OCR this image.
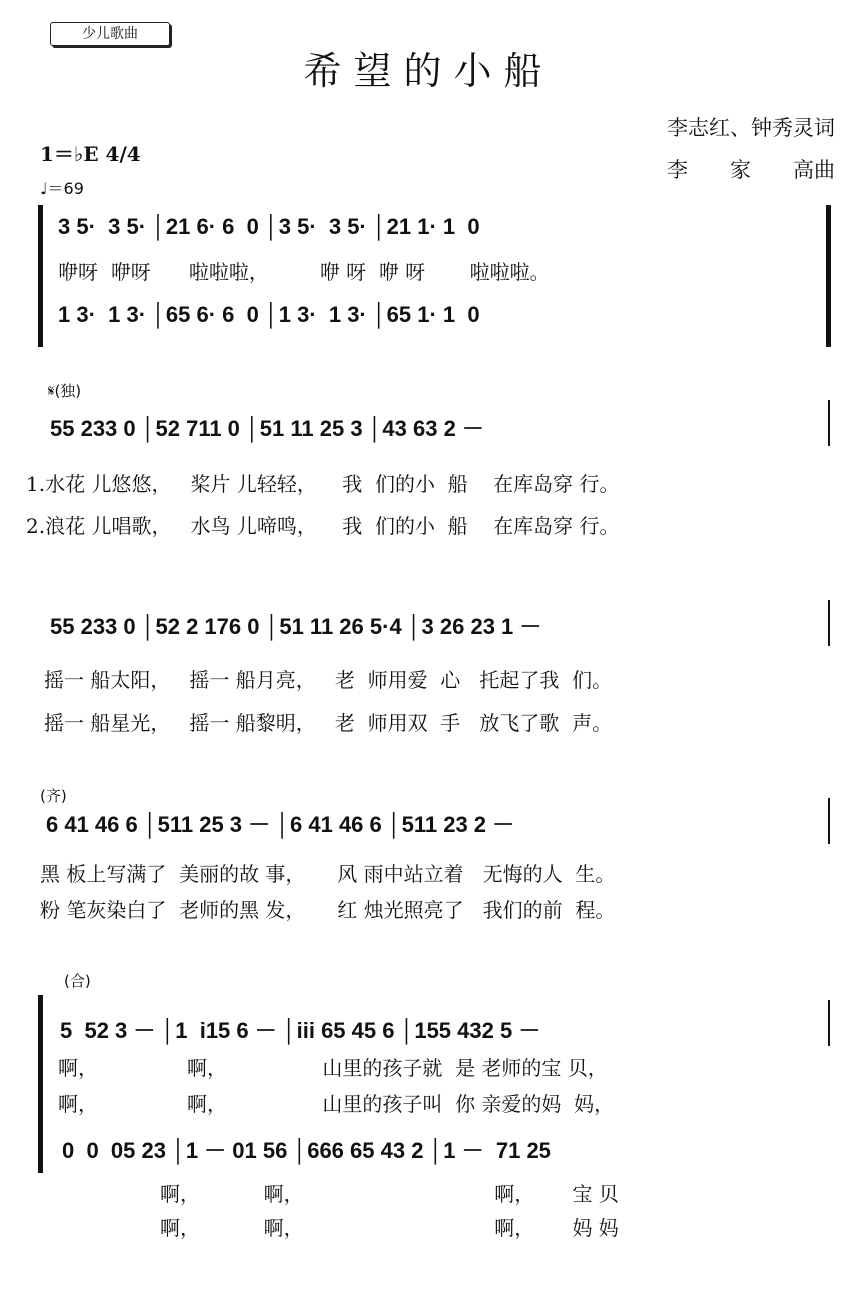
少儿歌曲
希望的小船
李志红、钟秀灵词
李　　家　　高曲
1＝♭E 4/4
♩＝69
3 5·  3 5· │21 6· 6  0 │3 5·  3 5· │21 1· 1  0
咿呀  咿呀      啦啦啦，        咿 呀  咿 呀       啦啦啦。
1 3·  1 3· │65 6· 6  0 │1 3·  1 3· │65 1· 1  0
𝄋(独)
55 233 0 │52 711 0 │51 11 25 3 │43 63 2 －
1.水花 儿悠悠，   桨片 儿轻轻，    我  们的小  船    在库岛穿 行。
2.浪花 儿唱歌，   水鸟 儿啼鸣，    我  们的小  船    在库岛穿 行。
55 233 0 │52 2 176 0 │51 11 26 5·4 │3 26 23 1 －
摇一 船太阳，   摇一 船月亮，   老  师用爱  心   托起了我  们。
摇一 船星光，   摇一 船黎明，   老  师用双  手   放飞了歌  声。
(齐)
6 41 46 6 │511 25 3 － │6 41 46 6 │511 23 2 －
黑 板上写满了  美丽的故 事，     风 雨中站立着   无悔的人  生。
粉 笔灰染白了  老师的黑 发，     红 烛光照亮了   我们的前  程。
(合)
5  52 3 － │1  i15 6 － │iii 65 45 6 │155 432 5 －
啊，              啊，               山里的孩子就  是 老师的宝 贝，
啊，              啊，               山里的孩子叫  你 亲爱的妈  妈，
0  0  05 23 │1 － 01 56 │666 65 43 2 │1 －  71 25
啊，          啊，                              啊，      宝 贝
啊，          啊，                              啊，      妈 妈
